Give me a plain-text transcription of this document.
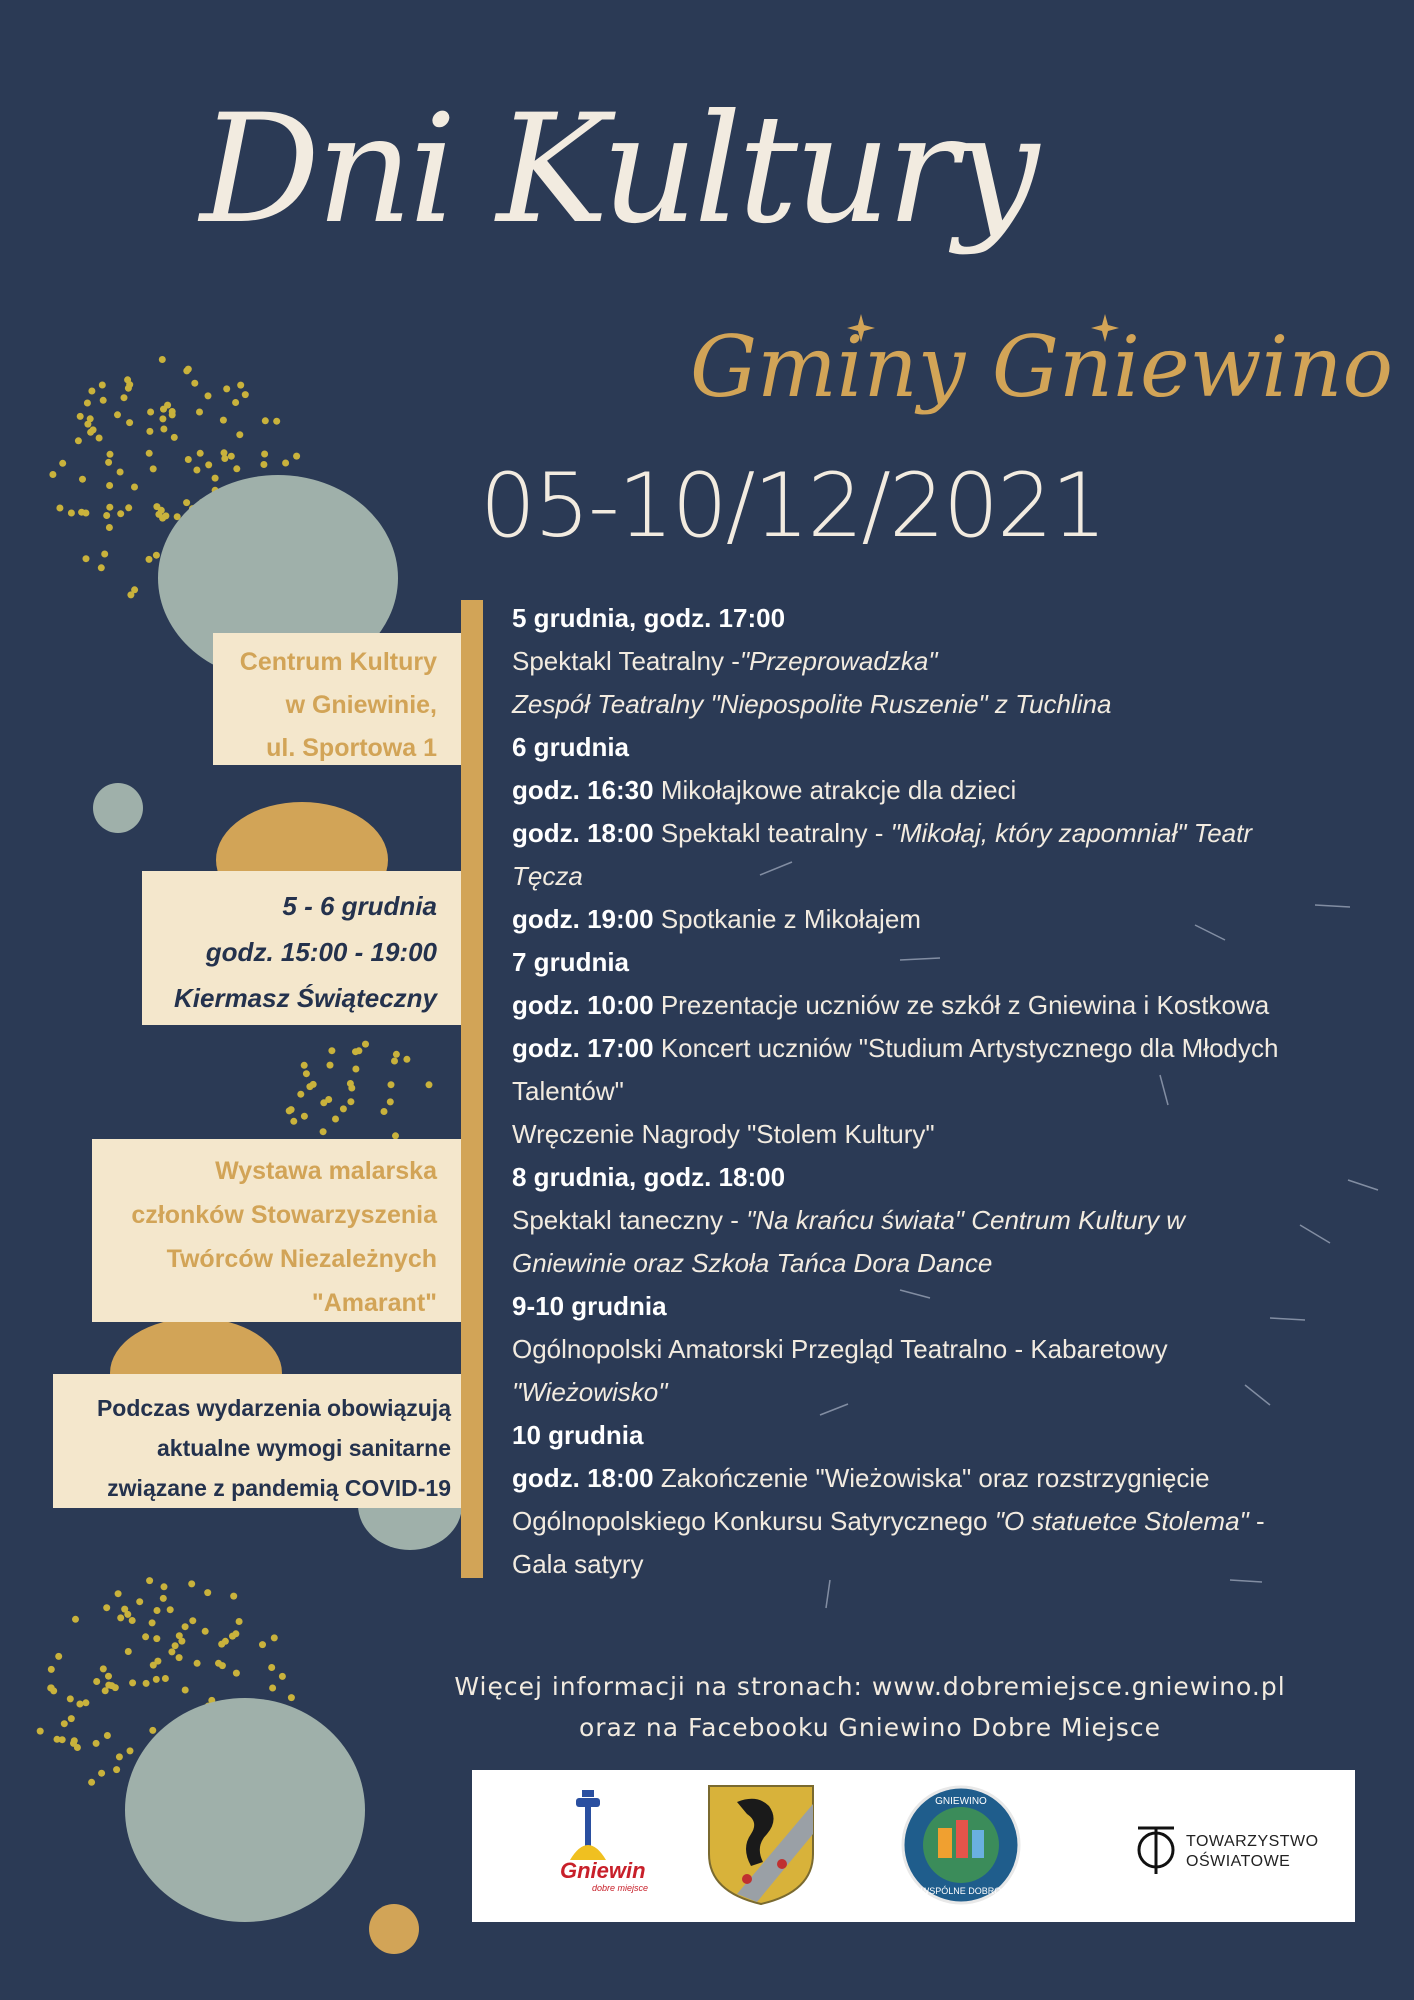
Dni Kultury
Gminy Gniewino
05-10/12/2021
Centrum Kultury
w Gniewinie,
ul. Sportowa 1
5 - 6 grudnia
godz. 15:00 - 19:00
Kiermasz Świąteczny
Wystawa malarska
członków Stowarzyszenia
Twórców Niezależnych
"Amarant"
Podczas wydarzenia obowiązują
aktualne wymogi sanitarne
związane z pandemią COVID-19
5 grudnia, godz. 17:00
Spektakl Teatralny -"Przeprowadzka"
Zespół Teatralny "Niepospolite Ruszenie" z Tuchlina
6 grudnia
godz. 16:30 Mikołajkowe atrakcje dla dzieci
godz. 18:00 Spektakl teatralny - "Mikołaj, który zapomniał" Teatr
Tęcza
godz. 19:00 Spotkanie z Mikołajem
7 grudnia
godz. 10:00 Prezentacje uczniów ze szkół z Gniewina i Kostkowa
godz. 17:00 Koncert uczniów "Studium Artystycznego dla Młodych
Talentów"
Wręczenie Nagrody "Stolem Kultury"
8 grudnia, godz. 18:00
Spektakl taneczny - "Na krańcu świata" Centrum Kultury w
Gniewinie oraz Szkoła Tańca Dora Dance
9-10 grudnia
Ogólnopolski Amatorski Przegląd Teatralno - Kabaretowy
"Wieżowisko"
10 grudnia
godz. 18:00 Zakończenie "Wieżowiska" oraz rozstrzygnięcie
Ogólnopolskiego Konkursu Satyrycznego "O statuetce Stolema" -
Gala satyry
Więcej informacji na stronach: www.dobremiejsce.gniewino.pl
oraz na Facebooku Gniewino Dobre Miejsce
Gniewin
dobre miejsce
GNIEWINO
WSPÓLNE DOBRO
TOWARZYSTWO
OŚWIATOWE
